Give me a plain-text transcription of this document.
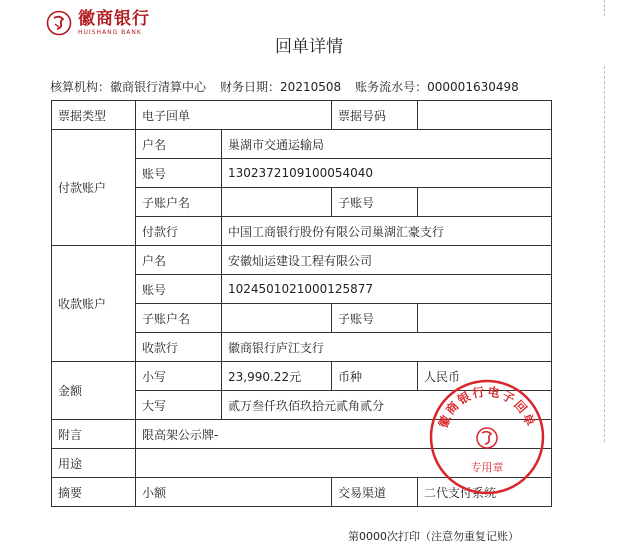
徽商银行
HUISHANG BANK
回单详情
核算机构：徽商银行清算中心 财务日期：20210508 账务流水号：000001630498
票据类型	电子回单		票据号码	
付款账户	户名	巢湖市交通运输局		
	账号	1302372109100054040		
	子账户名		子账号	
	付款行	中国工商银行股份有限公司巢湖汇豪支行		
收款账户	户名	安徽灿运建设工程有限公司		
	账号	1024501021000125877		
	子账户名		子账号	
	收款行	徽商银行庐江支行		
金额	小写	23,990.22元	币种	人民币
	大写	贰万叁仟玖佰玖拾元贰角贰分		
附言	限高架公示牌-			
用途				
摘要	小额		交易渠道	二代支付系统
徽商银行电子回单
专用章
第0000次打印（注意勿重复记账）
